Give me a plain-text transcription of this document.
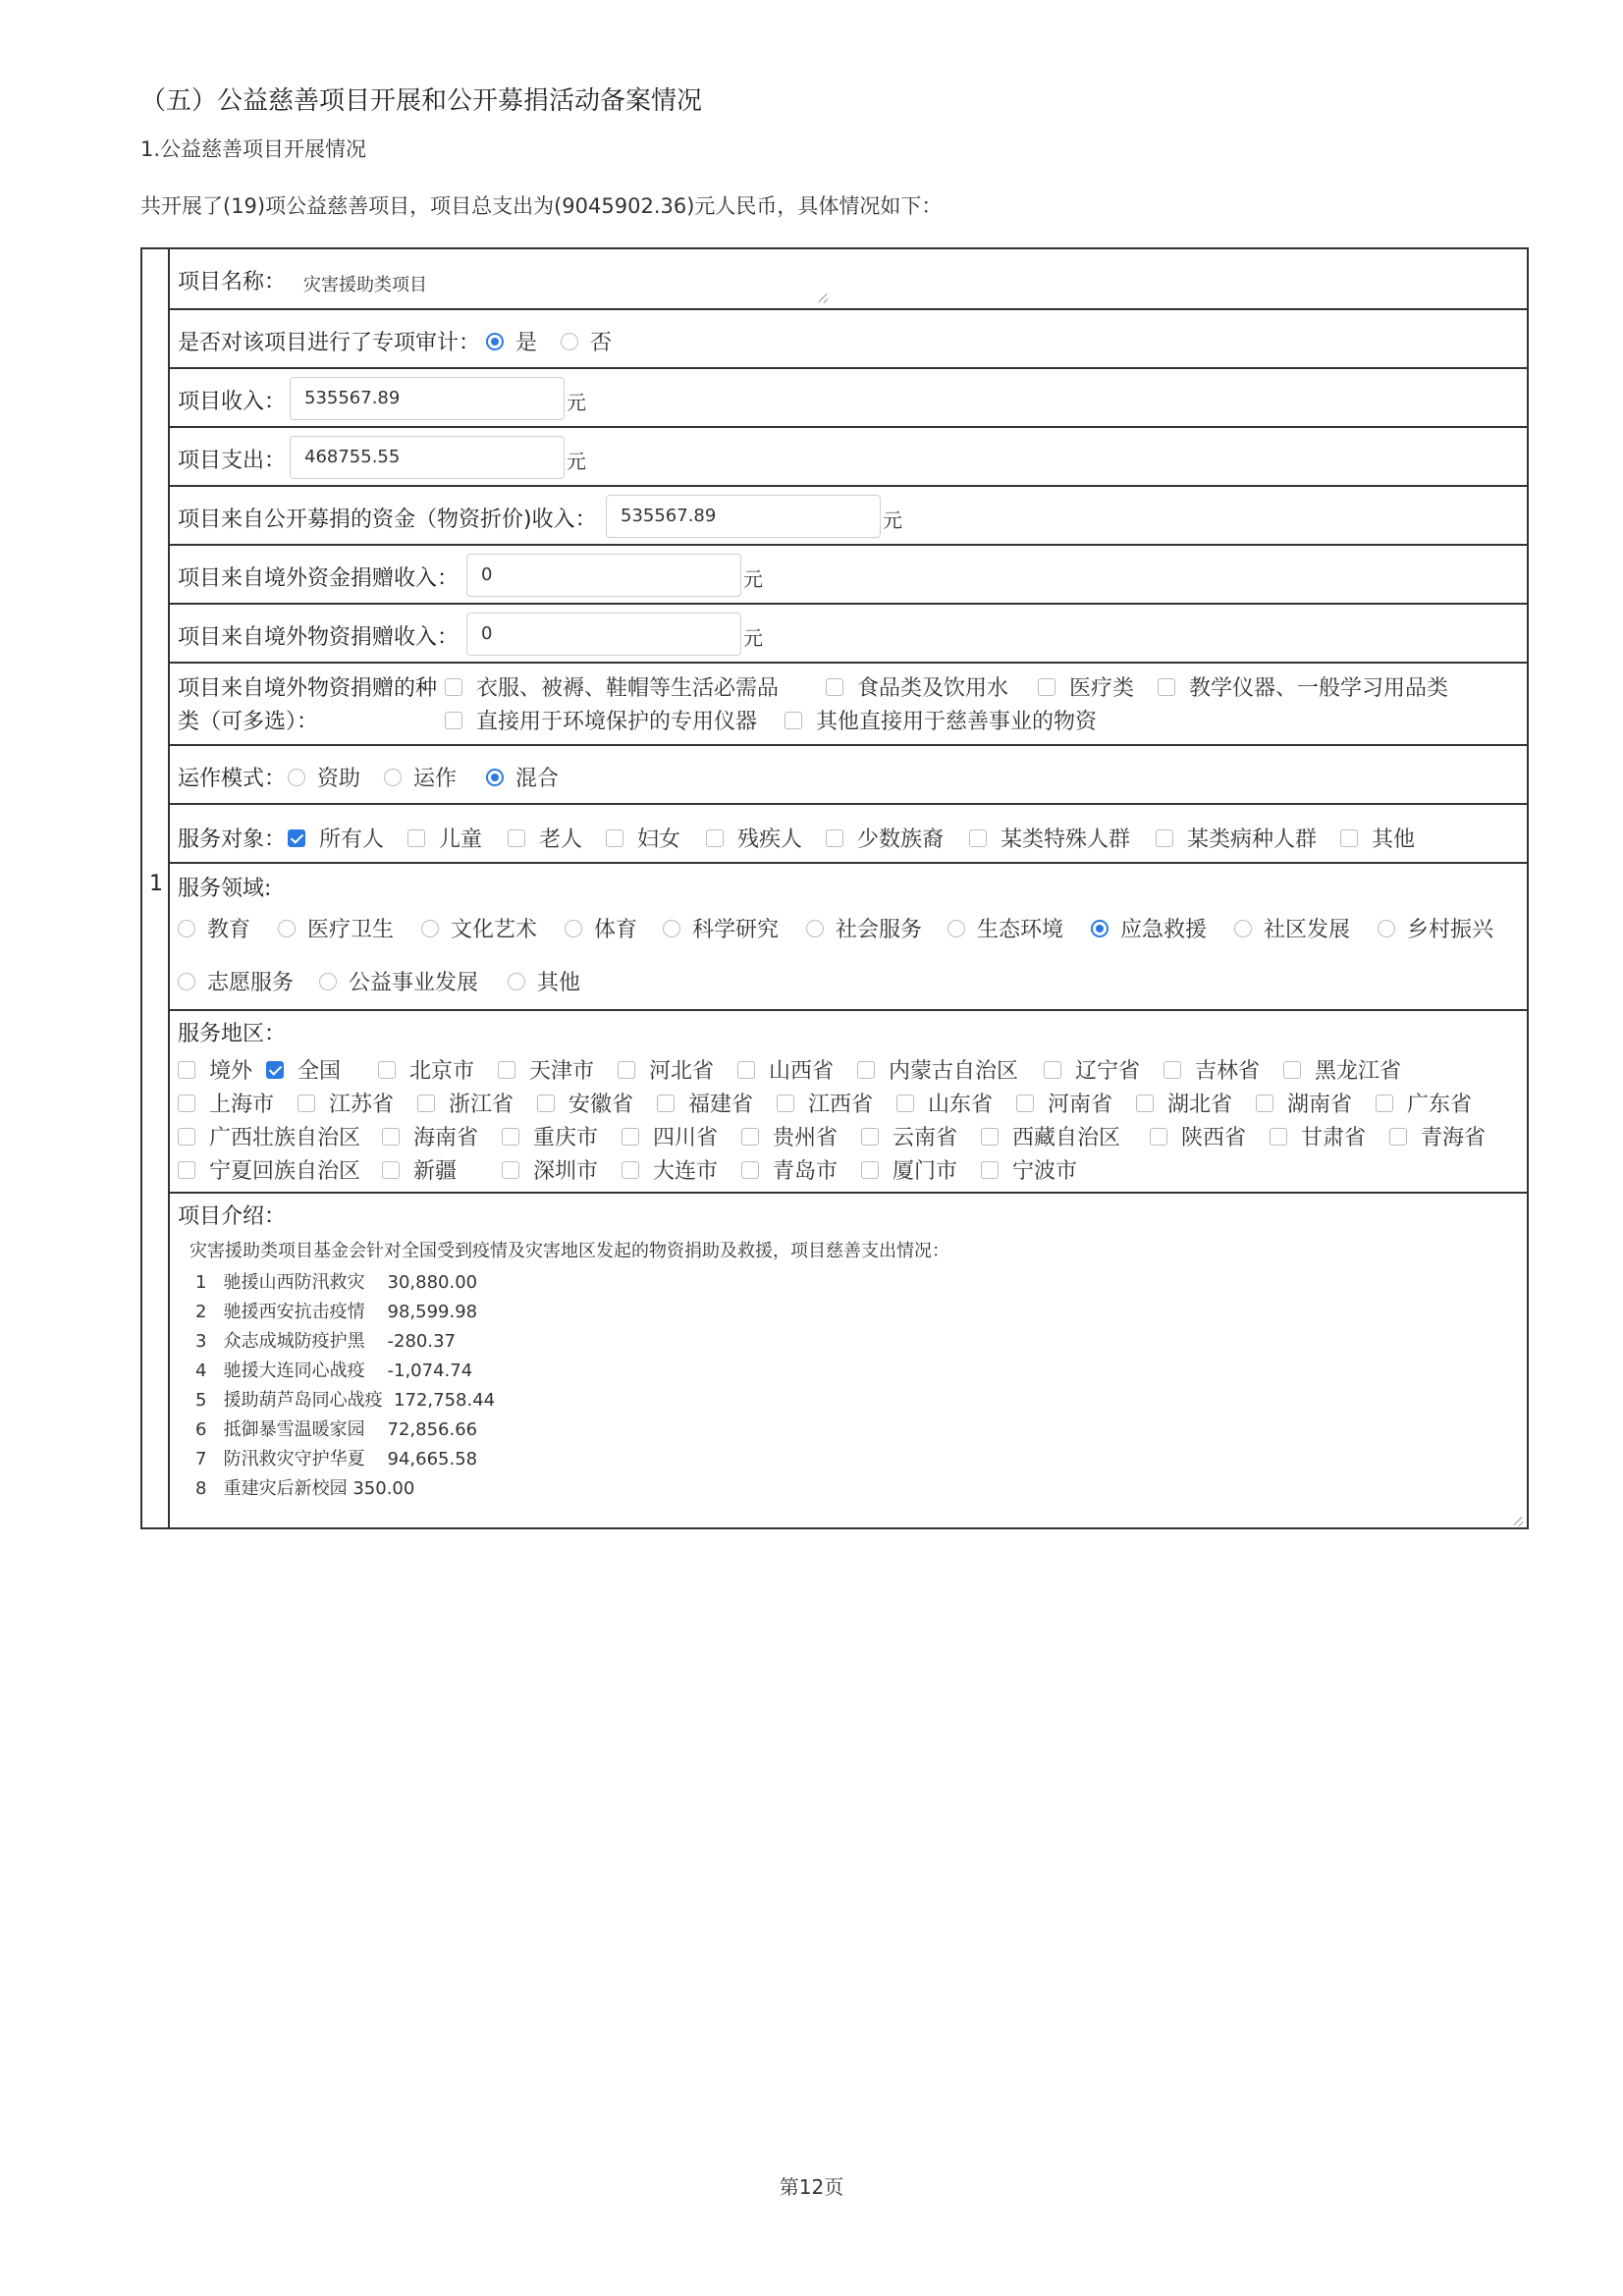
（五）公益慈善项目开展和公开募捐活动备案情况
1.公益慈善项目开展情况
共开展了(19)项公益慈善项目，项目总支出为(9045902.36)元人民币，具体情况如下：
1
项目名称： 灾害援助类项目
是否对该项目进行了专项审计： 是 否
项目收入：	535567.89	元
项目支出：	468755.55	元
项目来自公开募捐的资金（物资折价)收入：	535567.89	元
项目来自境外资金捐赠收入：	0	元
项目来自境外物资捐赠收入：	0	元
项目来自境外物资捐赠的种
类（可多选）：
衣服、被褥、鞋帽等生活必需品	食品类及饮用水	医疗类	教学仪器、一般学习用品类
直接用于环境保护的专用仪器	其他直接用于慈善事业的物资
运作模式： 资助 运作	混合
服务对象： 所有人	儿童	老人	妇女	残疾人	少数族裔	某类特殊人群	某类病种人群	其他
服务领域:
教育	医疗卫生	文化艺术	体育	科学研究	社会服务	生态环境	应急救援	社区发展	乡村振兴
志愿服务	公益事业发展	其他
服务地区：
境外 全国	北京市	天津市	河北省	山西省	内蒙古自治区	辽宁省	吉林省	黑龙江省
上海市	江苏省	浙江省	安徽省	福建省	江西省	山东省	河南省	湖北省	湖南省	广东省
广西壮族自治区 海南省	重庆市	四川省	贵州省	云南省	西藏自治区	陕西省	甘肃省	青海省
宁夏回族自治区 新疆	深圳市	大连市	青岛市	厦门市	宁波市
项目介绍：
灾害援助类项目基金会针对全国受到疫情及灾害地区发起的物资捐助及救援，项目慈善支出情况：
1   驰援山西防汛救灾    30,880.00
2   驰援西安抗击疫情    98,599.98
3   众志成城防疫护黑    -280.37
4   驰援大连同心战疫    -1,074.74
5   援助葫芦岛同心战疫  172,758.44
6   抵御暴雪温暖家园    72,856.66
7   防汛救灾守护华夏    94,665.58
8   重建灾后新校园 350.00
第12页
